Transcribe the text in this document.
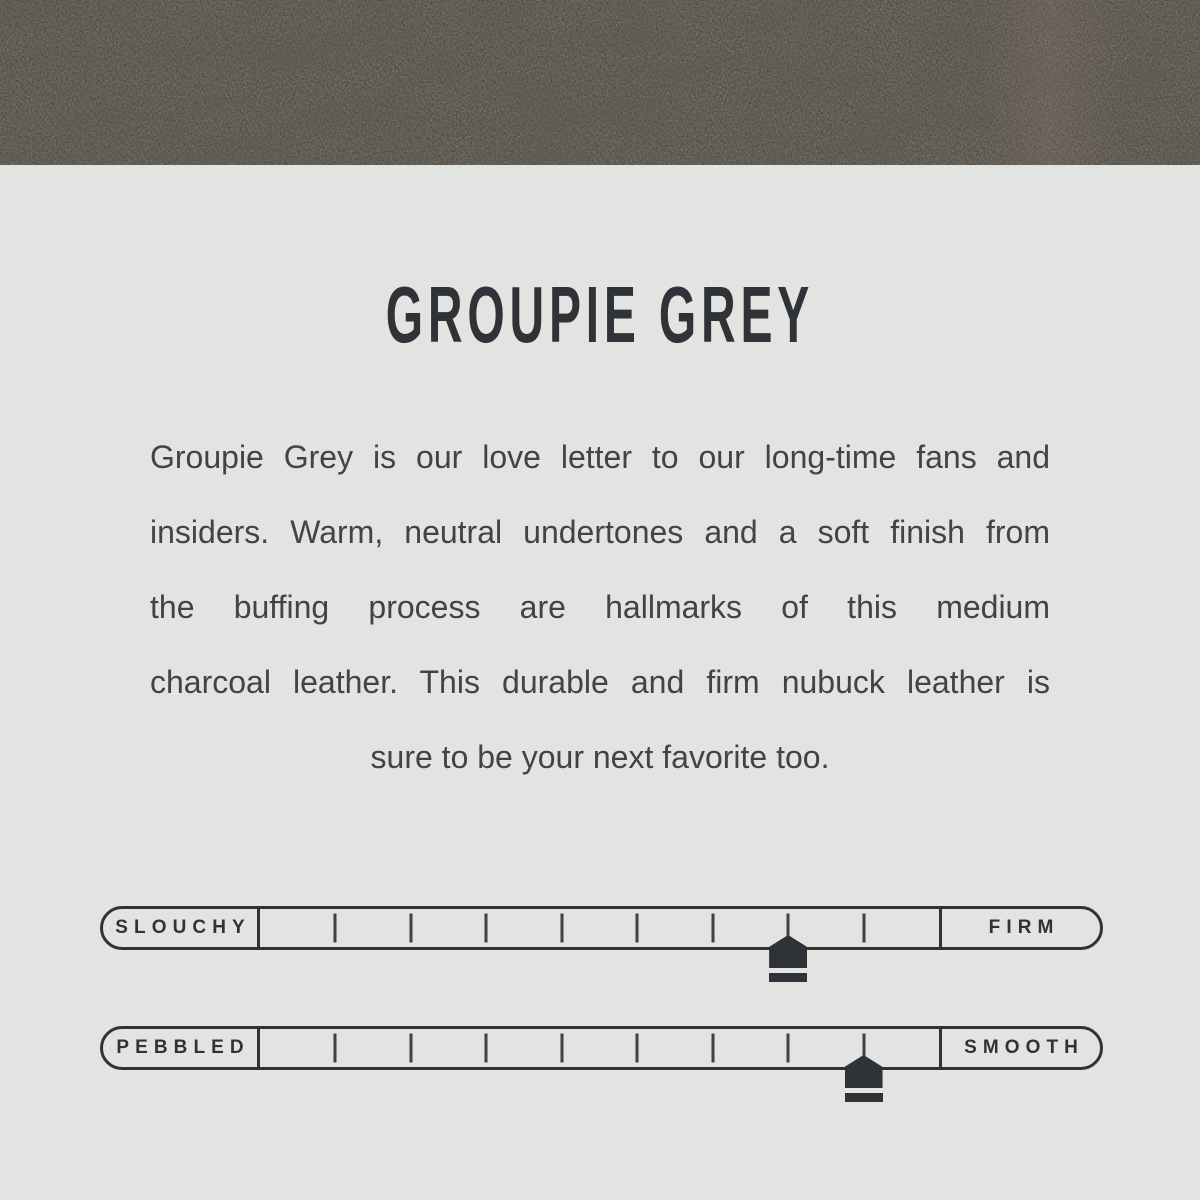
GROUPIE GREY
Groupie Grey is our love letter to our long-time fans and
insiders. Warm, neutral undertones and a soft finish from
the buffing process are hallmarks of this medium
charcoal leather. This durable and firm nubuck leather is
sure to be your next favorite too.
SLOUCHY	FIRM
PEBBLED	SMOOTH
